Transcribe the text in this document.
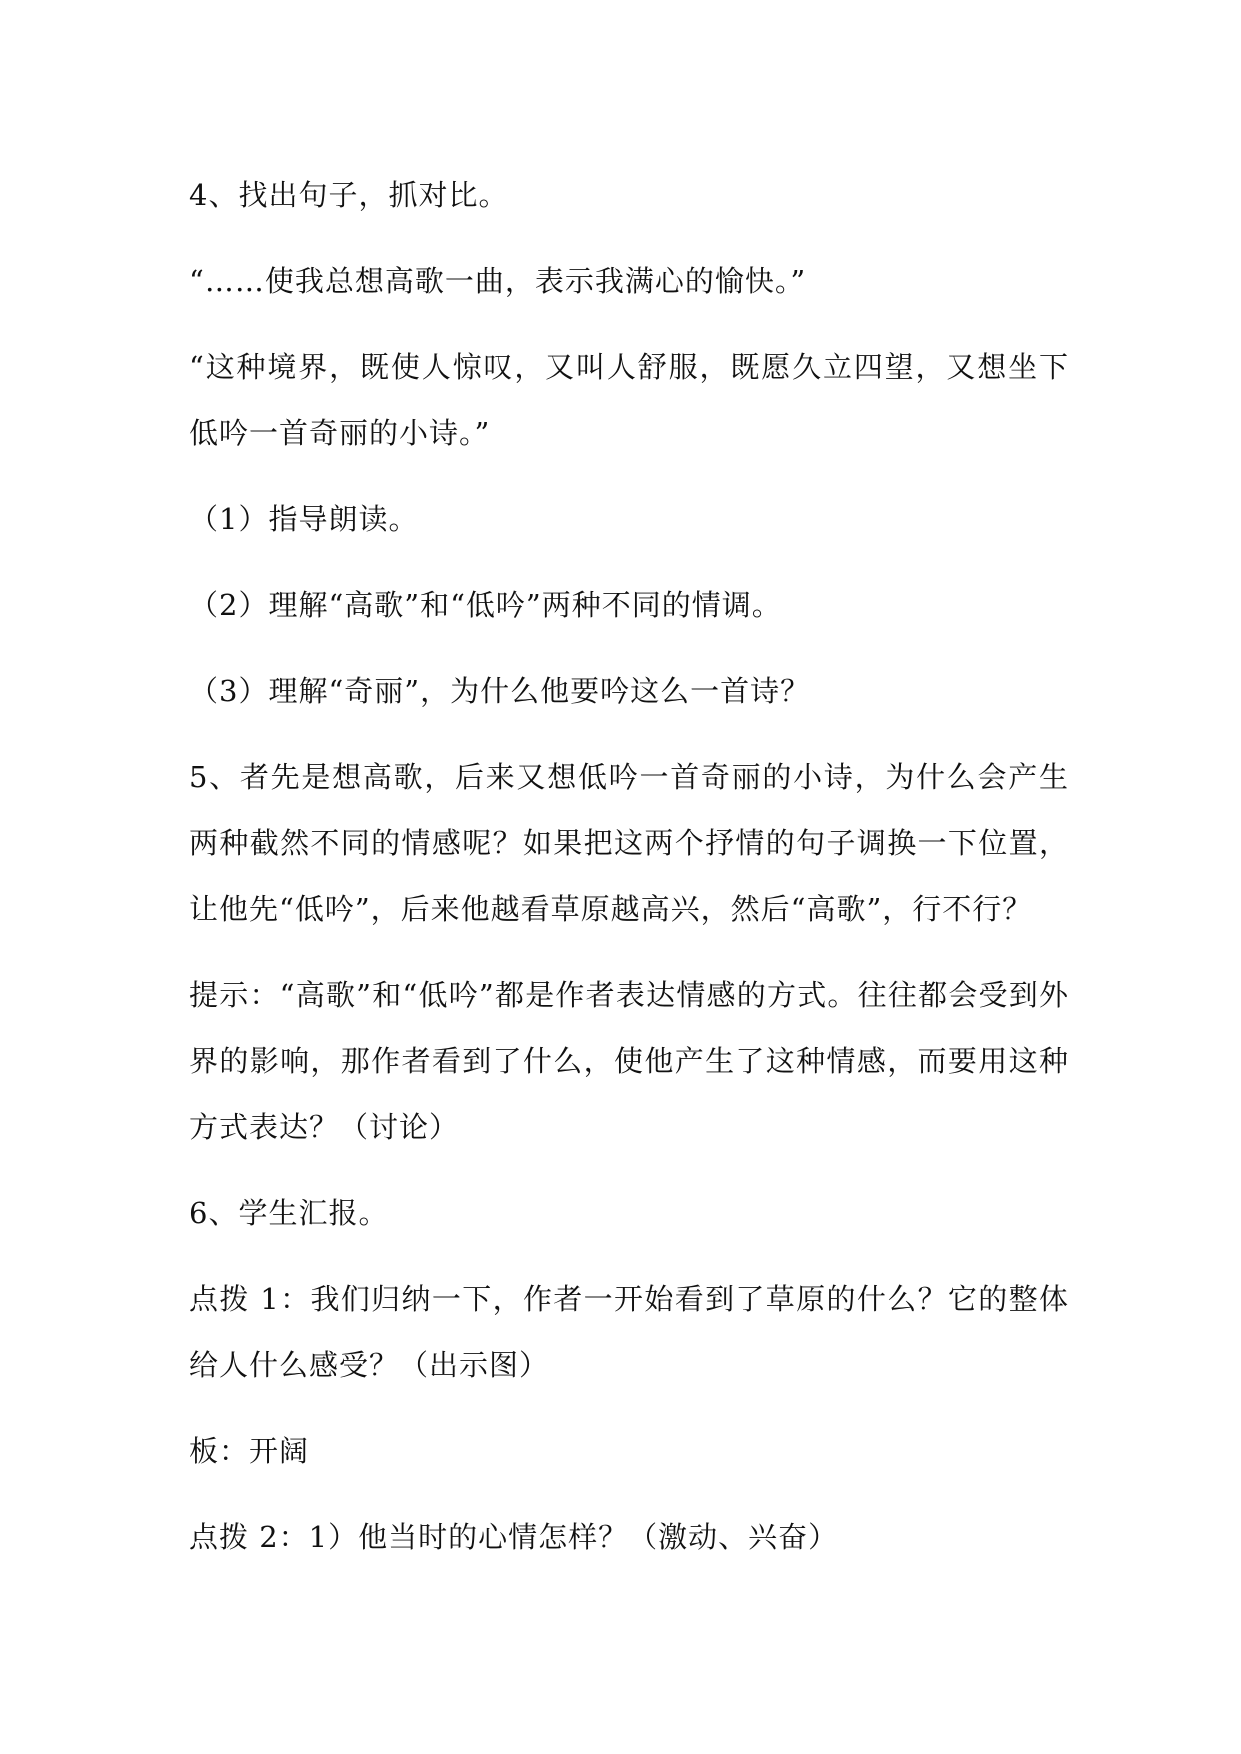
4、找出句子，抓对比。

“……使我总想高歌一曲，表示我满心的愉快。”

“这种境界，既使人惊叹，又叫人舒服，既愿久立四望，又想坐下低吟一首奇丽的小诗。”

（1）指导朗读。

（2）理解“高歌”和“低吟”两种不同的情调。

（3）理解“奇丽”，为什么他要吟这么一首诗？

5、者先是想高歌，后来又想低吟一首奇丽的小诗，为什么会产生两种截然不同的情感呢？如果把这两个抒情的句子调换一下位置，让他先“低吟”，后来他越看草原越高兴，然后“高歌”，行不行？

提示：“高歌”和“低吟”都是作者表达情感的方式。往往都会受到外界的影响，那作者看到了什么，使他产生了这种情感，而要用这种方式表达？（讨论）

6、学生汇报。

点拨 1：我们归纳一下，作者一开始看到了草原的什么？它的整体给人什么感受？（出示图）

板：开阔

点拨 2：1）他当时的心情怎样？（激动、兴奋）
